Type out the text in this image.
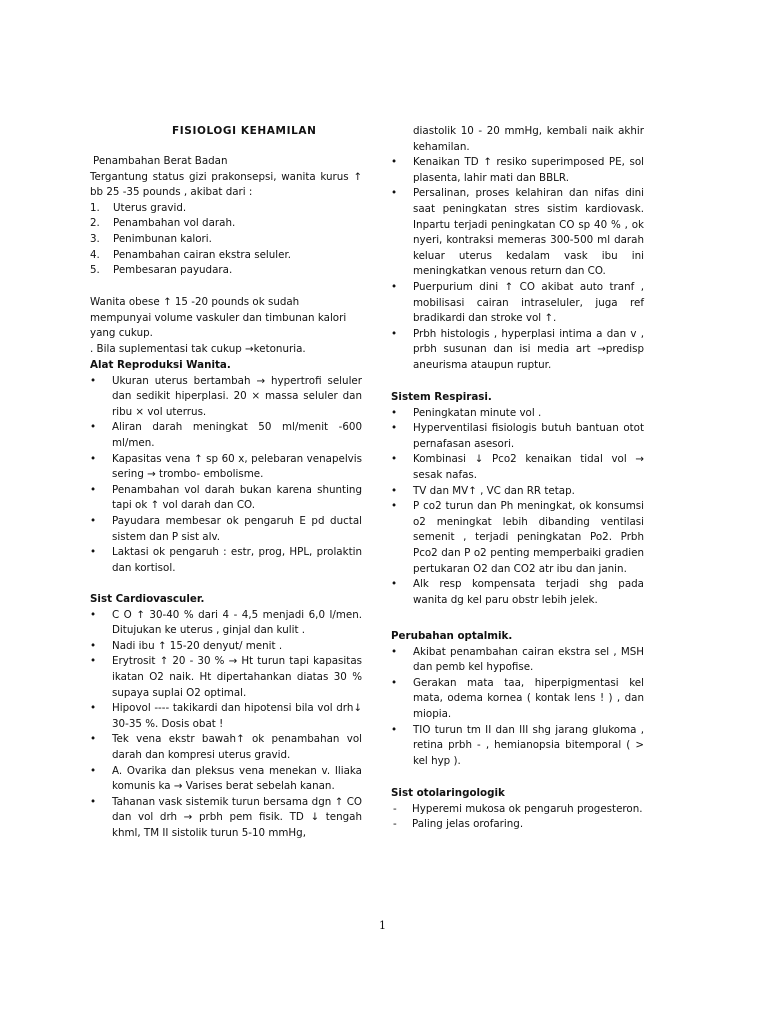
FISIOLOGI KEHAMILAN
Penambahan Berat Badan
Tergantung status gizi prakonsepsi, wanita kurus ↑ bb 25 -35 pounds , akibat dari :
1. Uterus gravid.
2. Penambahan vol darah.
3. Penimbunan kalori.
4. Penambahan cairan ekstra seluler.
5. Pembesaran payudara.
Wanita obese ↑ 15 -20 pounds ok sudah mempunyai volume vaskuler dan timbunan kalori yang cukup.
. Bila suplementasi tak cukup →ketonuria.
Alat Reproduksi Wanita.
• Ukuran uterus bertambah → hypertrofi seluler dan sedikit hiperplasi. 20 × massa seluler dan ribu × vol uterrus.
• Aliran darah meningkat 50 ml/menit -600 ml/men.
• Kapasitas vena ↑ sp 60 x, pelebaran venapelvis sering → trombo- embolisme.
• Penambahan vol darah bukan karena shunting tapi ok ↑ vol darah dan CO.
• Payudara membesar ok pengaruh E pd ductal sistem dan P sist alv.
• Laktasi ok pengaruh : estr, prog, HPL, prolaktin dan kortisol.
Sist Cardiovasculer.
• C O ↑ 30-40 % dari 4 - 4,5 menjadi 6,0 l/men. Ditujukan ke uterus , ginjal dan kulit .
• Nadi ibu ↑ 15-20 denyut/ menit .
• Erytrosit ↑ 20 - 30 % → Ht turun tapi kapasitas ikatan O2 naik. Ht dipertahankan diatas 30 % supaya suplai O2 optimal.
• Hipovol ---- takikardi dan hipotensi bila vol drh↓ 30-35 %. Dosis obat !
• Tek vena ekstr bawah↑ ok penambahan vol darah dan kompresi uterus gravid.
• A. Ovarika dan pleksus vena menekan v. Iliaka komunis ka → Varises berat sebelah kanan.
• Tahanan vask sistemik turun bersama dgn ↑ CO dan vol drh → prbh pem fisik. TD ↓ tengah khml, TM II sistolik turun 5-10 mmHg,
diastolik 10 - 20 mmHg, kembali naik akhir kehamilan.
• Kenaikan TD ↑ resiko superimposed PE, sol plasenta, lahir mati dan BBLR.
• Persalinan, proses kelahiran dan nifas dini saat peningkatan stres sistim kardiovask. Inpartu terjadi peningkatan CO sp 40 % , ok nyeri, kontraksi memeras 300-500 ml darah keluar uterus kedalam vask ibu ini meningkatkan venous return dan CO.
• Puerpurium dini ↑ CO akibat auto tranf , mobilisasi cairan intraseluler, juga ref bradikardi dan stroke vol ↑.
• Prbh histologis , hyperplasi intima a dan v , prbh susunan dan isi media art →predisp aneurisma ataupun ruptur.
Sistem Respirasi.
• Peningkatan minute vol .
• Hyperventilasi fisiologis butuh bantuan otot pernafasan asesori.
• Kombinasi ↓ Pco2 kenaikan tidal vol → sesak nafas.
• TV dan MV↑ , VC dan RR tetap.
• P co2 turun dan Ph meningkat, ok konsumsi o2 meningkat lebih dibanding ventilasi semenit , terjadi peningkatan Po2. Prbh Pco2 dan P o2 penting memperbaiki gradien pertukaran O2 dan CO2 atr ibu dan janin.
• Alk resp kompensata terjadi shg pada wanita dg kel paru obstr lebih jelek.
Perubahan optalmik.
• Akibat penambahan cairan ekstra sel , MSH dan pemb kel hypofise.
• Gerakan mata taa, hiperpigmentasi kel mata, odema kornea ( kontak lens ! ) , dan miopia.
• TIO turun tm II dan III shg jarang glukoma , retina prbh - , hemianopsia bitemporal ( > kel hyp ).
Sist otolaringologik
- Hyperemi mukosa ok pengaruh progesteron.
- Paling jelas orofaring.
1
